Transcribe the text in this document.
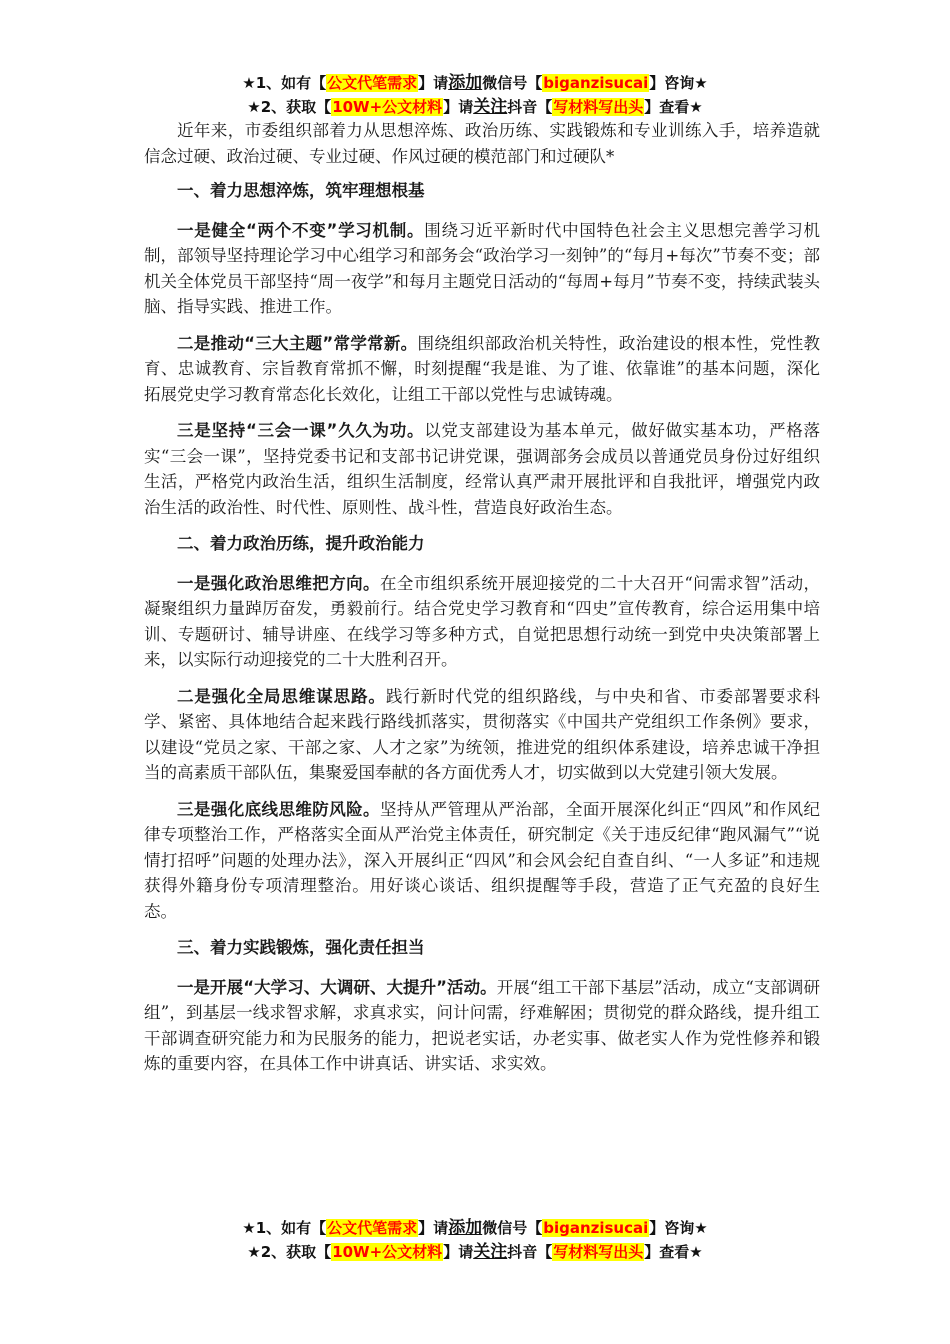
★1、如有【公文代笔需求】请添加微信号【biganzisucai】咨询★
★2、获取【10W+公文材料】请关注抖音【写材料写出头】查看★

近年来，市委组织部着力从思想淬炼、政治历练、实践锻炼和专业训练入手，培养造就信念过硬、政治过硬、专业过硬、作风过硬的模范部门和过硬队*

一、着力思想淬炼，筑牢理想根基

一是健全“两个不变”学习机制。围绕习近平新时代中国特色社会主义思想完善学习机制，部领导坚持理论学习中心组学习和部务会“政治学习一刻钟”的“每月+每次”节奏不变；部机关全体党员干部坚持“周一夜学”和每月主题党日活动的“每周+每月”节奏不变，持续武装头脑、指导实践、推进工作。

二是推动“三大主题”常学常新。围绕组织部政治机关特性，政治建设的根本性，党性教育、忠诚教育、宗旨教育常抓不懈，时刻提醒“我是谁、为了谁、依靠谁”的基本问题，深化拓展党史学习教育常态化长效化，让组工干部以党性与忠诚铸魂。

三是坚持“三会一课”久久为功。以党支部建设为基本单元，做好做实基本功，严格落实“三会一课”，坚持党委书记和支部书记讲党课，强调部务会成员以普通党员身份过好组织生活，严格党内政治生活，组织生活制度，经常认真严肃开展批评和自我批评，增强党内政治生活的政治性、时代性、原则性、战斗性，营造良好政治生态。

二、着力政治历练，提升政治能力

一是强化政治思维把方向。在全市组织系统开展迎接党的二十大召开“问需求智”活动，凝聚组织力量踔厉奋发，勇毅前行。结合党史学习教育和“四史”宣传教育，综合运用集中培训、专题研讨、辅导讲座、在线学习等多种方式，自觉把思想行动统一到党中央决策部署上来，以实际行动迎接党的二十大胜利召开。

二是强化全局思维谋思路。践行新时代党的组织路线，与中央和省、市委部署要求科学、紧密、具体地结合起来践行路线抓落实，贯彻落实《中国共产党组织工作条例》要求，以建设“党员之家、干部之家、人才之家”为统领，推进党的组织体系建设，培养忠诚干净担当的高素质干部队伍，集聚爱国奉献的各方面优秀人才，切实做到以大党建引领大发展。

三是强化底线思维防风险。坚持从严管理从严治部，全面开展深化纠正“四风”和作风纪律专项整治工作，严格落实全面从严治党主体责任，研究制定《关于违反纪律“跑风漏气”“说情打招呼”问题的处理办法》，深入开展纠正“四风”和会风会纪自查自纠、“一人多证”和违规获得外籍身份专项清理整治。用好谈心谈话、组织提醒等手段，营造了正气充盈的良好生态。

三、着力实践锻炼，强化责任担当

一是开展“大学习、大调研、大提升”活动。开展“组工干部下基层”活动，成立“支部调研组”，到基层一线求智求解，求真求实，问计问需，纾难解困；贯彻党的群众路线，提升组工干部调查研究能力和为民服务的能力，把说老实话，办老实事、做老实人作为党性修养和锻炼的重要内容，在具体工作中讲真话、讲实话、求实效。

★1、如有【公文代笔需求】请添加微信号【biganzisucai】咨询★
★2、获取【10W+公文材料】请关注抖音【写材料写出头】查看★
